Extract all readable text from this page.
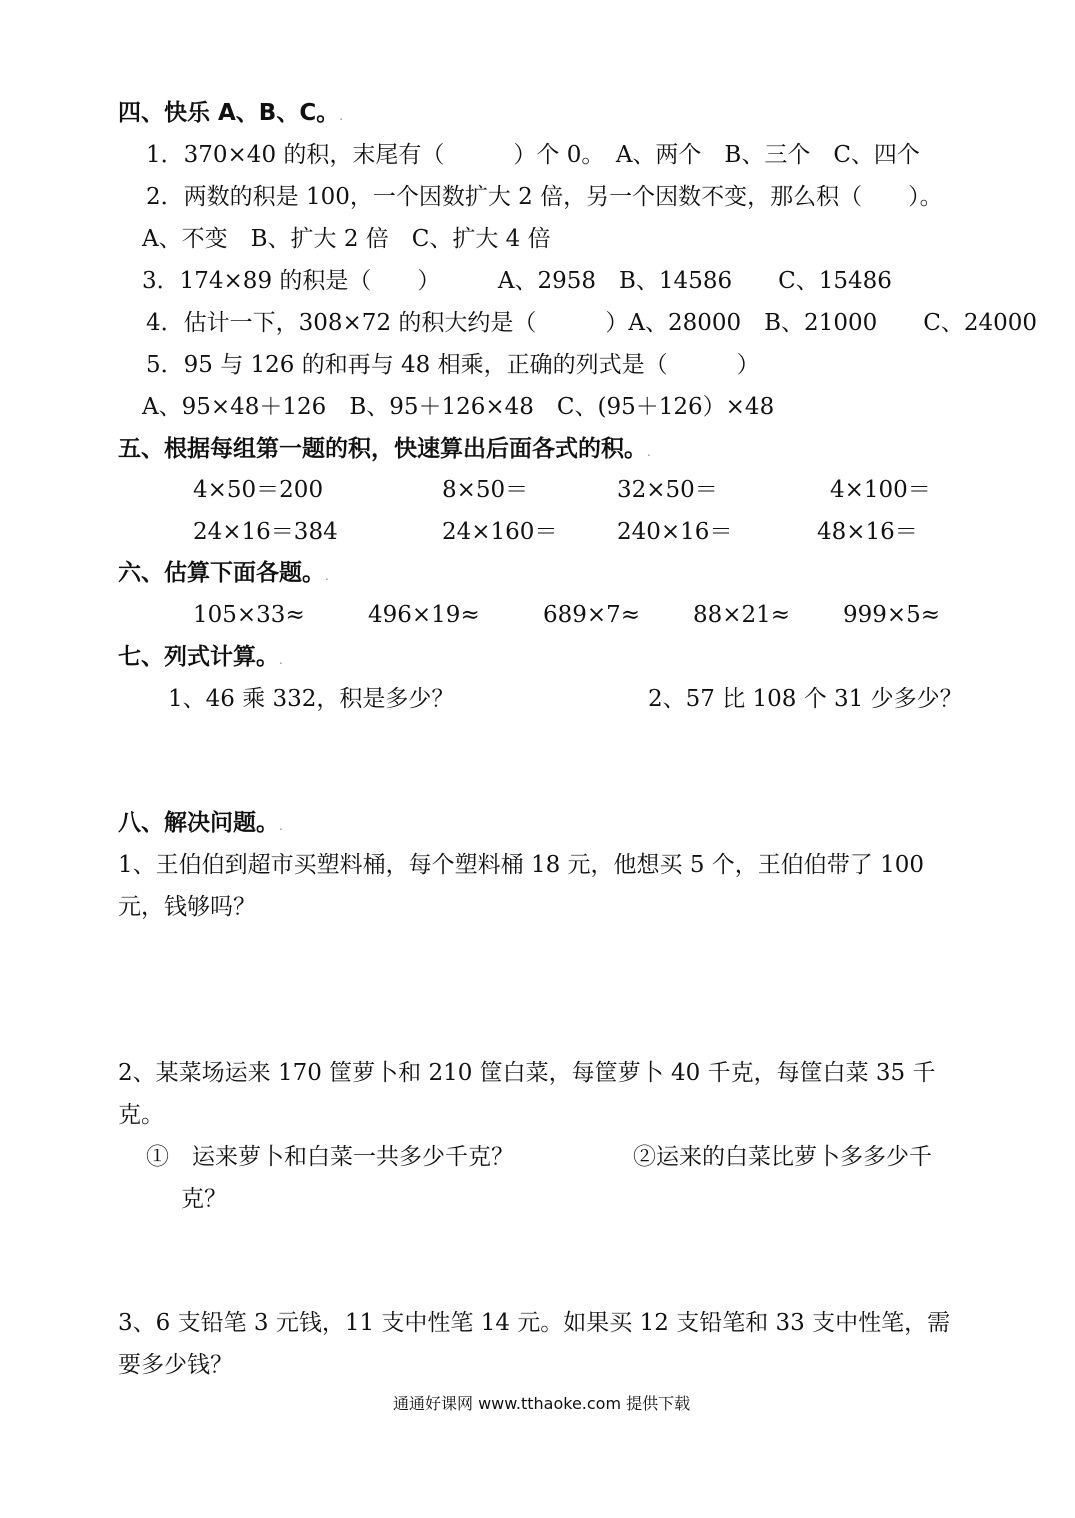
四、快乐 A、B、C。.
1．370×40 的积，末尾有（　　　）个 0。　A、两个　B、三个　C、四个
2．两数的积是 100，一个因数扩大 2 倍，另一个因数不变，那么积（　　）。
A、不变　B、扩大 2 倍　C、扩大 4 倍
3．174×89 的积是（　　）　　　A、2958　B、14586　　C、15486
4．估计一下，308×72 的积大约是（　　　）A、28000　B、21000　　C、24000
5．95 与 126 的和再与 48 相乘，正确的列式是（　　　）
A、95×48＋126　B、95＋126×48　C、(95＋126）×48
五、根据每组第一题的积，快速算出后面各式的积。.
4×50＝200	8×50＝	32×50＝	4×100＝
24×16＝384	24×160＝	240×16＝	48×16＝
六、估算下面各题。.
105×33≈	496×19≈	689×7≈ 88×21≈ 999×5≈
七、列式计算。.
1、46 乘 332，积是多少？	2、57 比 108 个 31 少多少？
八、解决问题。.
1、王伯伯到超市买塑料桶，每个塑料桶 18 元，他想买 5 个，王伯伯带了 100
元，钱够吗？
2、某菜场运来 170 筐萝卜和 210 筐白菜，每筐萝卜 40 千克，每筐白菜 35 千
克。
①　运来萝卜和白菜一共多少千克？	②运来的白菜比萝卜多多少千
克？
3、6 支铅笔 3 元钱，11 支中性笔 14 元。如果买 12 支铅笔和 33 支中性笔，需
要多少钱？
通通好课网 www.tthaoke.com 提供下载
